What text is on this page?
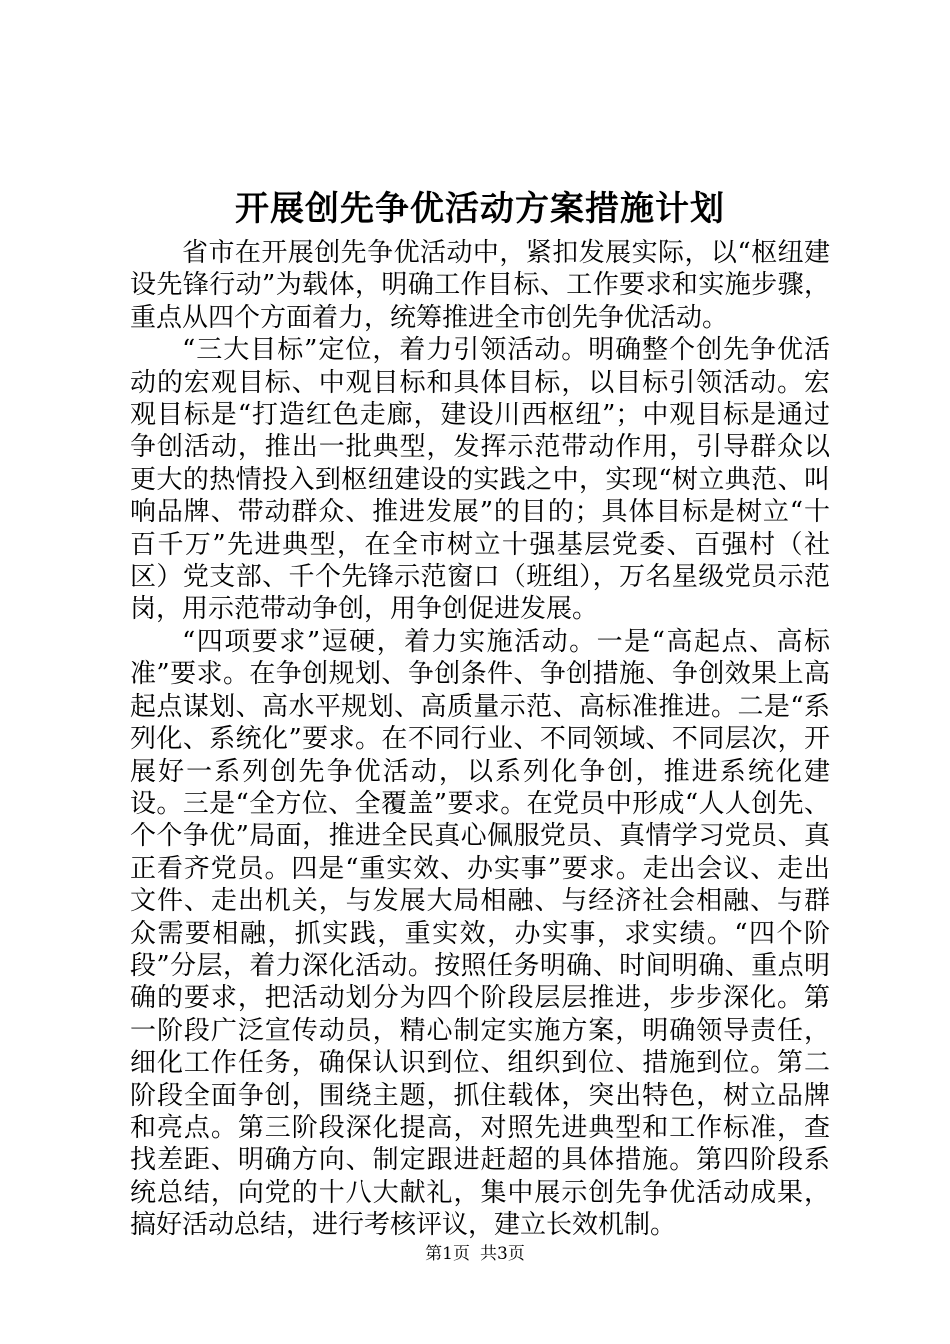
开展创先争优活动方案措施计划

省市在开展创先争优活动中，紧扣发展实际，以“枢纽建设先锋行动”为载体，明确工作目标、工作要求和实施步骤，重点从四个方面着力，统筹推进全市创先争优活动。

“三大目标”定位，着力引领活动。明确整个创先争优活动的宏观目标、中观目标和具体目标，以目标引领活动。宏观目标是“打造红色走廊，建设川西枢纽”；中观目标是通过争创活动，推出一批典型，发挥示范带动作用，引导群众以更大的热情投入到枢纽建设的实践之中，实现“树立典范、叫响品牌、带动群众、推进发展”的目的；具体目标是树立“十百千万”先进典型，在全市树立十强基层党委、百强村（社区）党支部、千个先锋示范窗口（班组），万名星级党员示范岗，用示范带动争创，用争创促进发展。

“四项要求”逗硬，着力实施活动。一是“高起点、高标准”要求。在争创规划、争创条件、争创措施、争创效果上高起点谋划、高水平规划、高质量示范、高标准推进。二是“系列化、系统化”要求。在不同行业、不同领域、不同层次，开展好一系列创先争优活动，以系列化争创，推进系统化建设。三是“全方位、全覆盖”要求。在党员中形成“人人创先、个个争优”局面，推进全民真心佩服党员、真情学习党员、真正看齐党员。四是“重实效、办实事”要求。走出会议、走出文件、走出机关，与发展大局相融、与经济社会相融、与群众需要相融，抓实践，重实效，办实事，求实绩。“四个阶段”分层，着力深化活动。按照任务明确、时间明确、重点明确的要求，把活动划分为四个阶段层层推进，步步深化。第一阶段广泛宣传动员，精心制定实施方案，明确领导责任，细化工作任务，确保认识到位、组织到位、措施到位。第二阶段全面争创，围绕主题，抓住载体，突出特色，树立品牌和亮点。第三阶段深化提高，对照先进典型和工作标准，查找差距、明确方向、制定跟进赶超的具体措施。第四阶段系统总结，向党的十八大献礼，集中展示创先争优活动成果，搞好活动总结，进行考核评议，建立长效机制。

第1页 共3页
